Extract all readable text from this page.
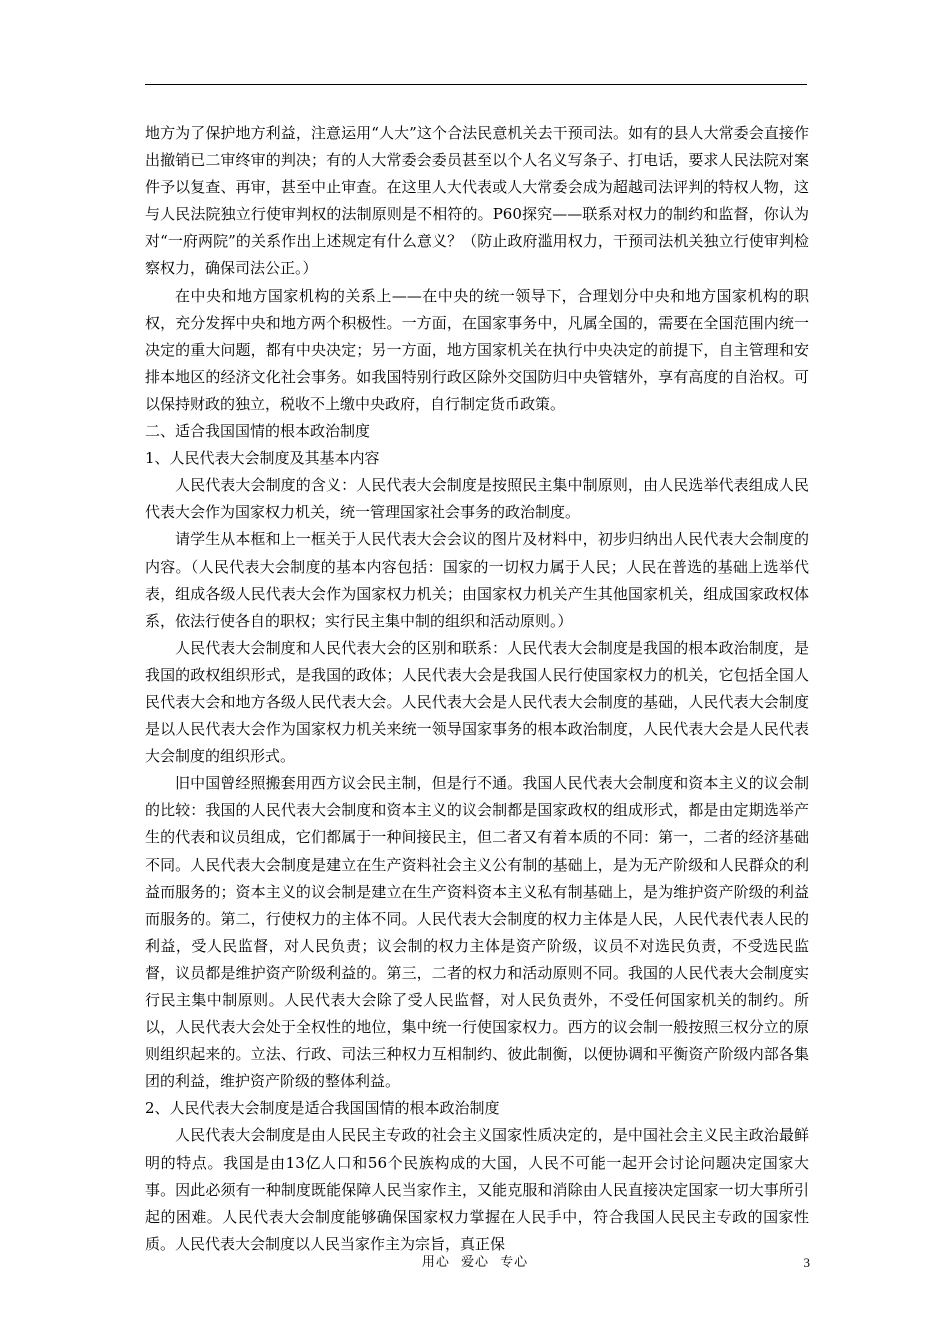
地方为了保护地方利益，注意运用“人大”这个合法民意机关去干预司法。如有的县人大常委会直接作出撤销已二审终审的判决；有的人大常委会委员甚至以个人名义写条子、打电话，要求人民法院对案件予以复查、再审，甚至中止审查。在这里人大代表或人大常委会成为超越司法评判的特权人物，这与人民法院独立行使审判权的法制原则是不相符的。P60探究——联系对权力的制约和监督，你认为对“一府两院”的关系作出上述规定有什么意义？（防止政府滥用权力，干预司法机关独立行使审判检察权力，确保司法公正。）

在中央和地方国家机构的关系上——在中央的统一领导下，合理划分中央和地方国家机构的职权，充分发挥中央和地方两个积极性。一方面，在国家事务中，凡属全国的，需要在全国范围内统一决定的重大问题，都有中央决定；另一方面，地方国家机关在执行中央决定的前提下，自主管理和安排本地区的经济文化社会事务。如我国特别行政区除外交国防归中央管辖外，享有高度的自治权。可以保持财政的独立，税收不上缴中央政府，自行制定货币政策。

二、适合我国国情的根本政治制度

1、人民代表大会制度及其基本内容

人民代表大会制度的含义：人民代表大会制度是按照民主集中制原则，由人民选举代表组成人民代表大会作为国家权力机关，统一管理国家社会事务的政治制度。

请学生从本框和上一框关于人民代表大会会议的图片及材料中，初步归纳出人民代表大会制度的内容。（人民代表大会制度的基本内容包括：国家的一切权力属于人民；人民在普选的基础上选举代表，组成各级人民代表大会作为国家权力机关；由国家权力机关产生其他国家机关，组成国家政权体系，依法行使各自的职权；实行民主集中制的组织和活动原则。）

人民代表大会制度和人民代表大会的区别和联系：人民代表大会制度是我国的根本政治制度，是我国的政权组织形式，是我国的政体；人民代表大会是我国人民行使国家权力的机关，它包括全国人民代表大会和地方各级人民代表大会。人民代表大会是人民代表大会制度的基础，人民代表大会制度是以人民代表大会作为国家权力机关来统一领导国家事务的根本政治制度，人民代表大会是人民代表大会制度的组织形式。

旧中国曾经照搬套用西方议会民主制，但是行不通。我国人民代表大会制度和资本主义的议会制的比较：我国的人民代表大会制度和资本主义的议会制都是国家政权的组成形式，都是由定期选举产生的代表和议员组成，它们都属于一种间接民主，但二者又有着本质的不同：第一，二者的经济基础不同。人民代表大会制度是建立在生产资料社会主义公有制的基础上，是为无产阶级和人民群众的利益而服务的；资本主义的议会制是建立在生产资料资本主义私有制基础上，是为维护资产阶级的利益而服务的。第二，行使权力的主体不同。人民代表大会制度的权力主体是人民，人民代表代表人民的利益，受人民监督，对人民负责；议会制的权力主体是资产阶级，议员不对选民负责，不受选民监督，议员都是维护资产阶级利益的。第三，二者的权力和活动原则不同。我国的人民代表大会制度实行民主集中制原则。人民代表大会除了受人民监督，对人民负责外，不受任何国家机关的制约。所以，人民代表大会处于全权性的地位，集中统一行使国家权力。西方的议会制一般按照三权分立的原则组织起来的。立法、行政、司法三种权力互相制约、彼此制衡，以便协调和平衡资产阶级内部各集团的利益，维护资产阶级的整体利益。

2、人民代表大会制度是适合我国国情的根本政治制度

人民代表大会制度是由人民民主专政的社会主义国家性质决定的，是中国社会主义民主政治最鲜明的特点。我国是由13亿人口和56个民族构成的大国，人民不可能一起开会讨论问题决定国家大事。因此必须有一种制度既能保障人民当家作主，又能克服和消除由人民直接决定国家一切大事所引起的困难。人民代表大会制度能够确保国家权力掌握在人民手中，符合我国人民民主专政的国家性质。人民代表大会制度以人民当家作主为宗旨，真正保

用心 爱心 专心	3
